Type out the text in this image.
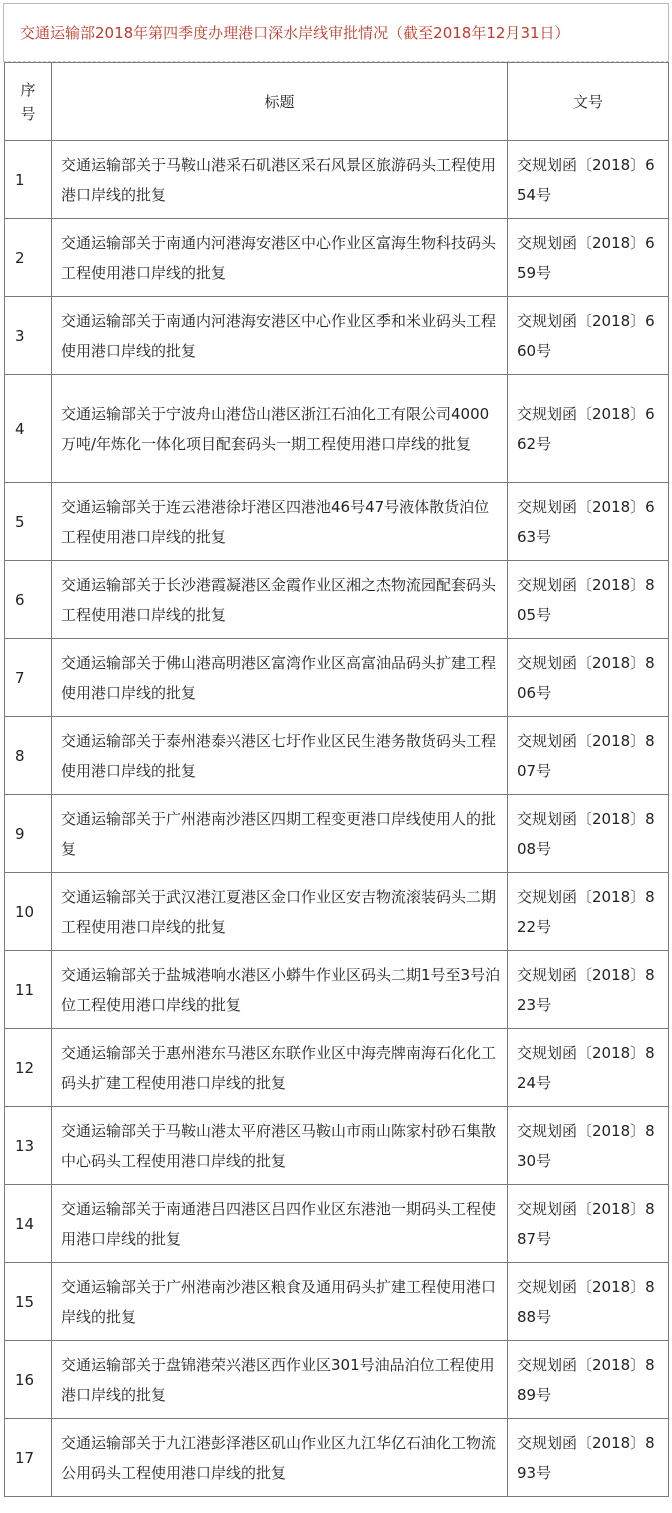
交通运输部2018年第四季度办理港口深水岸线审批情况（截至2018年12月31日）
序号	标题	文号
1	交通运输部关于马鞍山港采石矶港区采石风景区旅游码头工程使用港口岸线的批复	交规划函〔2018〕654号
2	交通运输部关于南通内河港海安港区中心作业区富海生物科技码头工程使用港口岸线的批复	交规划函〔2018〕659号
3	交通运输部关于南通内河港海安港区中心作业区季和米业码头工程使用港口岸线的批复	交规划函〔2018〕660号
4	交通运输部关于宁波舟山港岱山港区浙江石油化工有限公司4000万吨/年炼化一体化项目配套码头一期工程使用港口岸线的批复	交规划函〔2018〕662号
5	交通运输部关于连云港港徐圩港区四港池46号47号液体散货泊位工程使用港口岸线的批复	交规划函〔2018〕663号
6	交通运输部关于长沙港霞凝港区金霞作业区湘之杰物流园配套码头工程使用港口岸线的批复	交规划函〔2018〕805号
7	交通运输部关于佛山港高明港区富湾作业区高富油品码头扩建工程使用港口岸线的批复	交规划函〔2018〕806号
8	交通运输部关于泰州港泰兴港区七圩作业区民生港务散货码头工程使用港口岸线的批复	交规划函〔2018〕807号
9	交通运输部关于广州港南沙港区四期工程变更港口岸线使用人的批复	交规划函〔2018〕808号
10	交通运输部关于武汉港江夏港区金口作业区安吉物流滚装码头二期工程使用港口岸线的批复	交规划函〔2018〕822号
11	交通运输部关于盐城港响水港区小蟒牛作业区码头二期1号至3号泊位工程使用港口岸线的批复	交规划函〔2018〕823号
12	交通运输部关于惠州港东马港区东联作业区中海壳牌南海石化化工码头扩建工程使用港口岸线的批复	交规划函〔2018〕824号
13	交通运输部关于马鞍山港太平府港区马鞍山市雨山陈家村砂石集散中心码头工程使用港口岸线的批复	交规划函〔2018〕830号
14	交通运输部关于南通港吕四港区吕四作业区东港池一期码头工程使用港口岸线的批复	交规划函〔2018〕887号
15	交通运输部关于广州港南沙港区粮食及通用码头扩建工程使用港口岸线的批复	交规划函〔2018〕888号
16	交通运输部关于盘锦港荣兴港区西作业区301号油品泊位工程使用港口岸线的批复	交规划函〔2018〕889号
17	交通运输部关于九江港彭泽港区矶山作业区九江华亿石油化工物流公用码头工程使用港口岸线的批复	交规划函〔2018〕893号
